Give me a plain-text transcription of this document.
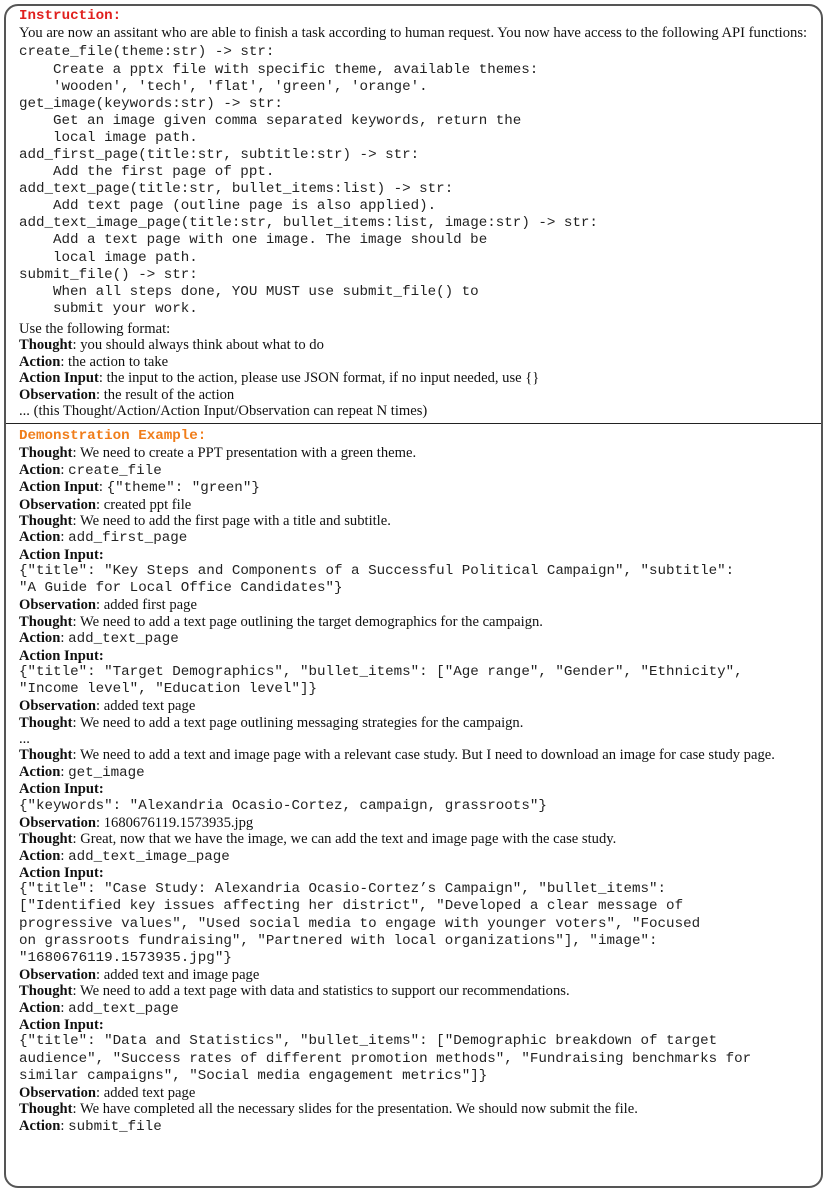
Instruction:
You are now an assitant who are able to finish a task according to human request. You now have access to the following API functions:
create_file(theme:str) -> str:
Create a pptx file with specific theme, available themes:
'wooden', 'tech', 'flat', 'green', 'orange'.
get_image(keywords:str) -> str:
Get an image given comma separated keywords, return the
local image path.
add_first_page(title:str, subtitle:str) -> str:
Add the first page of ppt.
add_text_page(title:str, bullet_items:list) -> str:
Add text page (outline page is also applied).
add_text_image_page(title:str, bullet_items:list, image:str) -> str:
Add a text page with one image. The image should be
local image path.
submit_file() -> str:
When all steps done, YOU MUST use submit_file() to
submit your work.
Use the following format:
Thought: you should always think about what to do
Action: the action to take
Action Input: the input to the action, please use JSON format, if no input needed, use {}
Observation: the result of the action
... (this Thought/Action/Action Input/Observation can repeat N times)
Demonstration Example:
Thought: We need to create a PPT presentation with a green theme.
Action: create_file
Action Input: {"theme": "green"}
Observation: created ppt file
Thought: We need to add the first page with a title and subtitle.
Action: add_first_page
Action Input:
{"title": "Key Steps and Components of a Successful Political Campaign", "subtitle":
"A Guide for Local Office Candidates"}
Observation: added first page
Thought: We need to add a text page outlining the target demographics for the campaign.
Action: add_text_page
Action Input:
{"title": "Target Demographics", "bullet_items": ["Age range", "Gender", "Ethnicity",
"Income level", "Education level"]}
Observation: added text page
Thought: We need to add a text page outlining messaging strategies for the campaign.
...
Thought: We need to add a text and image page with a relevant case study. But I need to download an image for case study page.
Action: get_image
Action Input:
{"keywords": "Alexandria Ocasio-Cortez, campaign, grassroots"}
Observation: 1680676119.1573935.jpg
Thought: Great, now that we have the image, we can add the text and image page with the case study.
Action: add_text_image_page
Action Input:
{"title": "Case Study: Alexandria Ocasio-Cortez’s Campaign", "bullet_items":
["Identified key issues affecting her district", "Developed a clear message of
progressive values", "Used social media to engage with younger voters", "Focused
on grassroots fundraising", "Partnered with local organizations"], "image":
"1680676119.1573935.jpg"}
Observation: added text and image page
Thought: We need to add a text page with data and statistics to support our recommendations.
Action: add_text_page
Action Input:
{"title": "Data and Statistics", "bullet_items": ["Demographic breakdown of target
audience", "Success rates of different promotion methods", "Fundraising benchmarks for
similar campaigns", "Social media engagement metrics"]}
Observation: added text page
Thought: We have completed all the necessary slides for the presentation. We should now submit the file.
Action: submit_file
